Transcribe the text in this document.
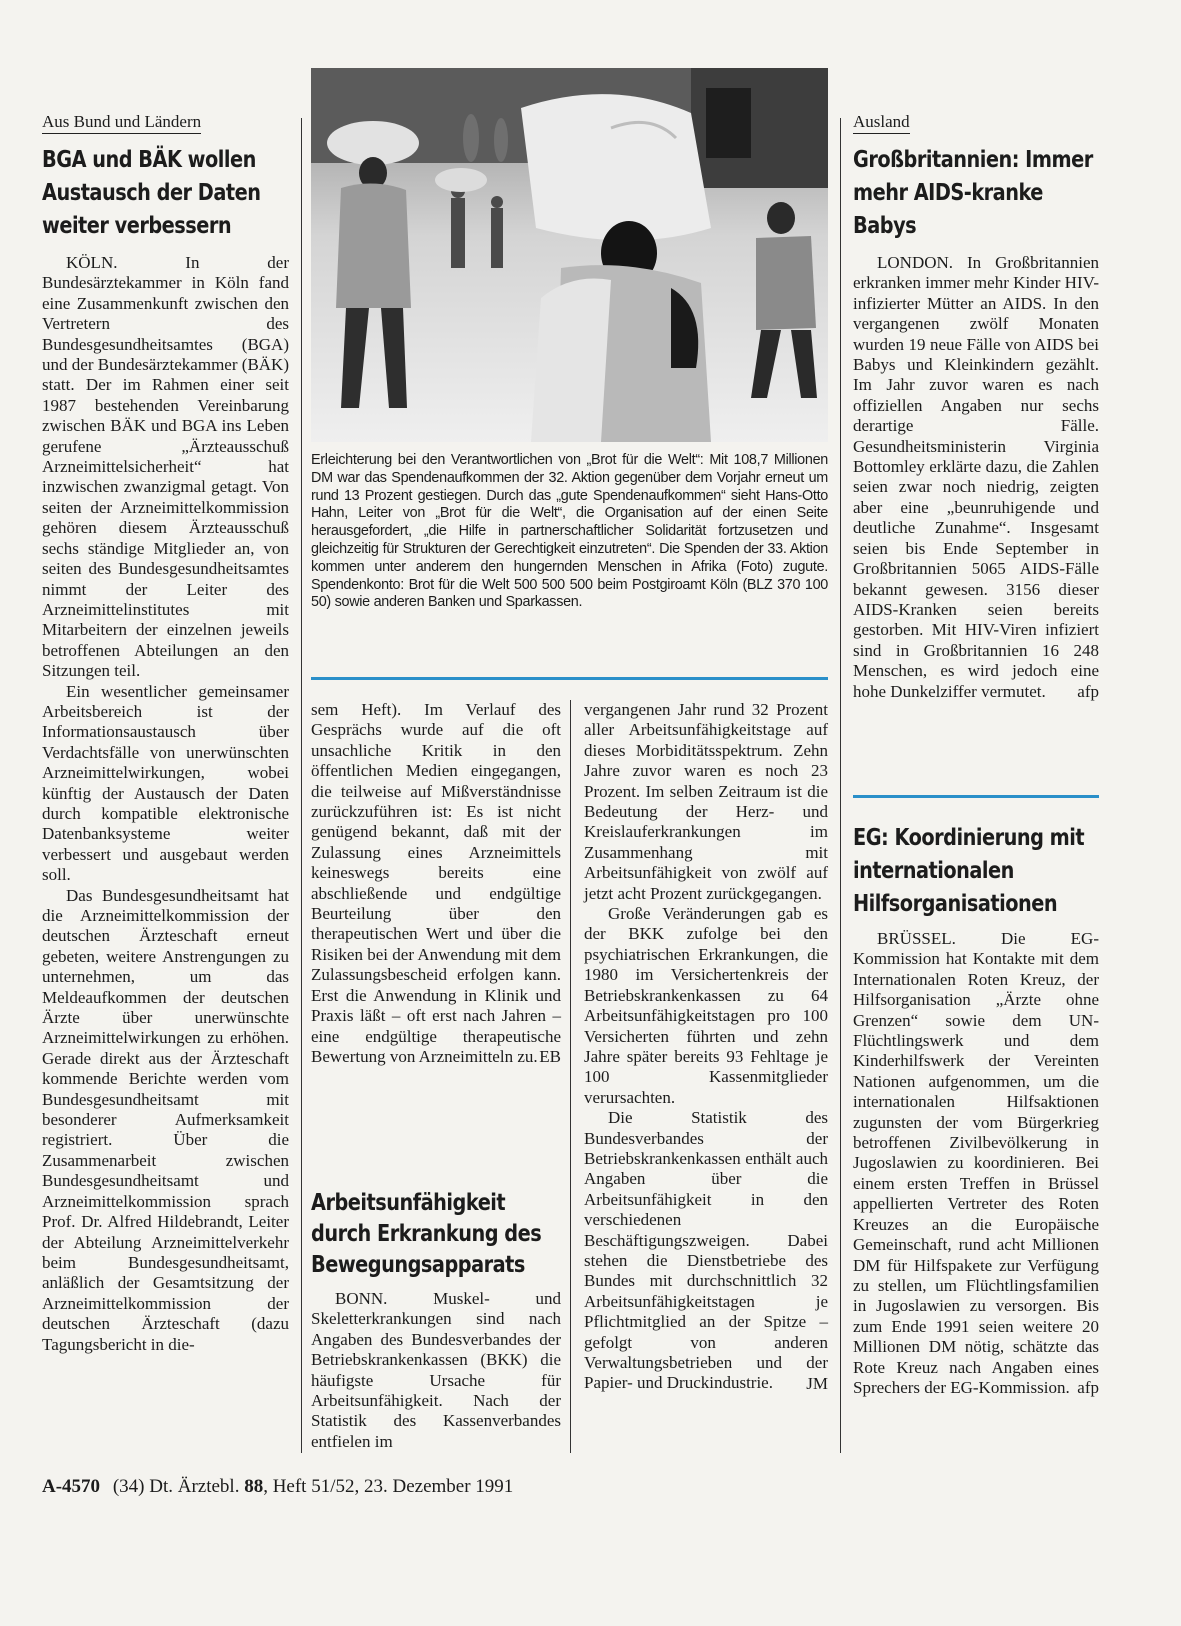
Aus Bund und Ländern
BGA und BÄK wollen Austausch der Daten weiter verbessern

KÖLN. In der Bundesärztekammer in Köln fand eine Zusammenkunft zwischen den Vertretern des Bundesgesundheitsamtes (BGA) und der Bundesärztekammer (BÄK) statt. Der im Rahmen einer seit 1987 bestehenden Vereinbarung zwischen BÄK und BGA ins Leben gerufene „Ärzteausschuß Arzneimittelsicherheit“ hat inzwischen zwanzigmal getagt. Von seiten der Arzneimittelkommission gehören diesem Ärzteausschuß sechs ständige Mitglieder an, von seiten des Bundesgesundheitsamtes nimmt der Leiter des Arzneimittelinstitutes mit Mitarbeitern der einzelnen jeweils betroffenen Abteilungen an den Sitzungen teil.

Ein wesentlicher gemeinsamer Arbeitsbereich ist der Informationsaustausch über Verdachtsfälle von unerwünschten Arzneimittelwirkungen, wobei künftig der Austausch der Daten durch kompatible elektronische Datenbanksysteme weiter verbessert und ausgebaut werden soll.

Das Bundesgesundheitsamt hat die Arzneimittelkommission der deutschen Ärzteschaft erneut gebeten, weitere Anstrengungen zu unternehmen, um das Meldeaufkommen der deutschen Ärzte über unerwünschte Arzneimittelwirkungen zu erhöhen. Gerade direkt aus der Ärzteschaft kommende Berichte werden vom Bundesgesundheitsamt mit besonderer Aufmerksamkeit registriert. Über die Zusammenarbeit zwischen Bundesgesundheitsamt und Arzneimittelkommission sprach Prof. Dr. Alfred Hildebrandt, Leiter der Abteilung Arzneimittelverkehr beim Bundesgesundheitsamt, anläßlich der Gesamtsitzung der Arzneimittelkommission der deutschen Ärzteschaft (dazu Tagungsbericht in die-

Erleichterung bei den Verantwortlichen von „Brot für die Welt“: Mit 108,7 Millionen DM war das Spendenaufkommen der 32. Aktion gegenüber dem Vorjahr erneut um rund 13 Prozent gestiegen. Durch das „gute Spendenaufkommen“ sieht Hans-Otto Hahn, Leiter von „Brot für die Welt“, die Organisation auf der einen Seite herausgefordert, „die Hilfe in partnerschaftlicher Solidarität fortzusetzen und gleichzeitig für Strukturen der Gerechtigkeit einzutreten“. Die Spenden der 33. Aktion kommen unter anderem den hungernden Menschen in Afrika (Foto) zugute. Spendenkonto: Brot für die Welt 500 500 500 beim Postgiroamt Köln (BLZ 370 100 50) sowie anderen Banken und Sparkassen.

sem Heft). Im Verlauf des Gesprächs wurde auf die oft unsachliche Kritik in den öffentlichen Medien eingegangen, die teilweise auf Mißverständnisse zurückzuführen ist: Es ist nicht genügend bekannt, daß mit der Zulassung eines Arzneimittels keineswegs bereits eine abschließende und endgültige Beurteilung über den therapeutischen Wert und über die Risiken bei der Anwendung mit dem Zulassungsbescheid erfolgen kann. Erst die Anwendung in Klinik und Praxis läßt – oft erst nach Jahren – eine endgültige therapeutische Bewertung von Arzneimitteln zu. EB
Arbeitsunfähigkeit durch Erkrankung des Bewegungsapparats

BONN. Muskel- und Skeletterkrankungen sind nach Angaben des Bundesverbandes der Betriebskrankenkassen (BKK) die häufigste Ursache für Arbeitsunfähigkeit. Nach der Statistik des Kassenverbandes entfielen im

vergangenen Jahr rund 32 Prozent aller Arbeitsunfähigkeitstage auf dieses Morbiditätsspektrum. Zehn Jahre zuvor waren es noch 23 Prozent. Im selben Zeitraum ist die Bedeutung der Herz- und Kreislauferkrankungen im Zusammenhang mit Arbeitsunfähigkeit von zwölf auf jetzt acht Prozent zurückgegangen.

Große Veränderungen gab es der BKK zufolge bei den psychiatrischen Erkrankungen, die 1980 im Versichertenkreis der Betriebskrankenkassen zu 64 Arbeitsunfähigkeitstagen pro 100 Versicherten führten und zehn Jahre später bereits 93 Fehltage je 100 Kassenmitglieder verursachten.

Die Statistik des Bundesverbandes der Betriebskrankenkassen enthält auch Angaben über die Arbeitsunfähigkeit in den verschiedenen Beschäftigungszweigen. Dabei stehen die Dienstbetriebe des Bundes mit durchschnittlich 32 Arbeitsunfähigkeitstagen je Pflichtmitglied an der Spitze – gefolgt von anderen Verwaltungsbetrieben und der Papier- und Druckindustrie.	JM
Ausland
Großbritannien: Immer mehr AIDS-kranke Babys

LONDON. In Großbritannien erkranken immer mehr Kinder HIV-infizierter Mütter an AIDS. In den vergangenen zwölf Monaten wurden 19 neue Fälle von AIDS bei Babys und Kleinkindern gezählt. Im Jahr zuvor waren es nach offiziellen Angaben nur sechs derartige Fälle. Gesundheitsministerin Virginia Bottomley erklärte dazu, die Zahlen seien zwar noch niedrig, zeigten aber eine „beunruhigende und deutliche Zunahme“. Insgesamt seien bis Ende September in Großbritannien 5065 AIDS-Fälle bekannt gewesen. 3156 dieser AIDS-Kranken seien bereits gestorben. Mit HIV-Viren infiziert sind in Großbritannien 16 248 Menschen, es wird jedoch eine hohe Dunkelziffer vermutet.	afp
EG: Koordinierung mit internationalen Hilfsorganisationen

BRÜSSEL. Die EG-Kommission hat Kontakte mit dem Internationalen Roten Kreuz, der Hilfsorganisation „Ärzte ohne Grenzen“ sowie dem UN-Flüchtlingswerk und dem Kinderhilfswerk der Vereinten Nationen aufgenommen, um die internationalen Hilfsaktionen zugunsten der vom Bürgerkrieg betroffenen Zivilbevölkerung in Jugoslawien zu koordinieren. Bei einem ersten Treffen in Brüssel appellierten Vertreter des Roten Kreuzes an die Europäische Gemeinschaft, rund acht Millionen DM für Hilfspakete zur Verfügung zu stellen, um Flüchtlingsfamilien in Jugoslawien zu versorgen. Bis zum Ende 1991 seien weitere 20 Millionen DM nötig, schätzte das Rote Kreuz nach Angaben eines Sprechers der EG-Kommission. afp
A-4570 (34) Dt. Ärztebl. 88, Heft 51/52, 23. Dezember 1991
